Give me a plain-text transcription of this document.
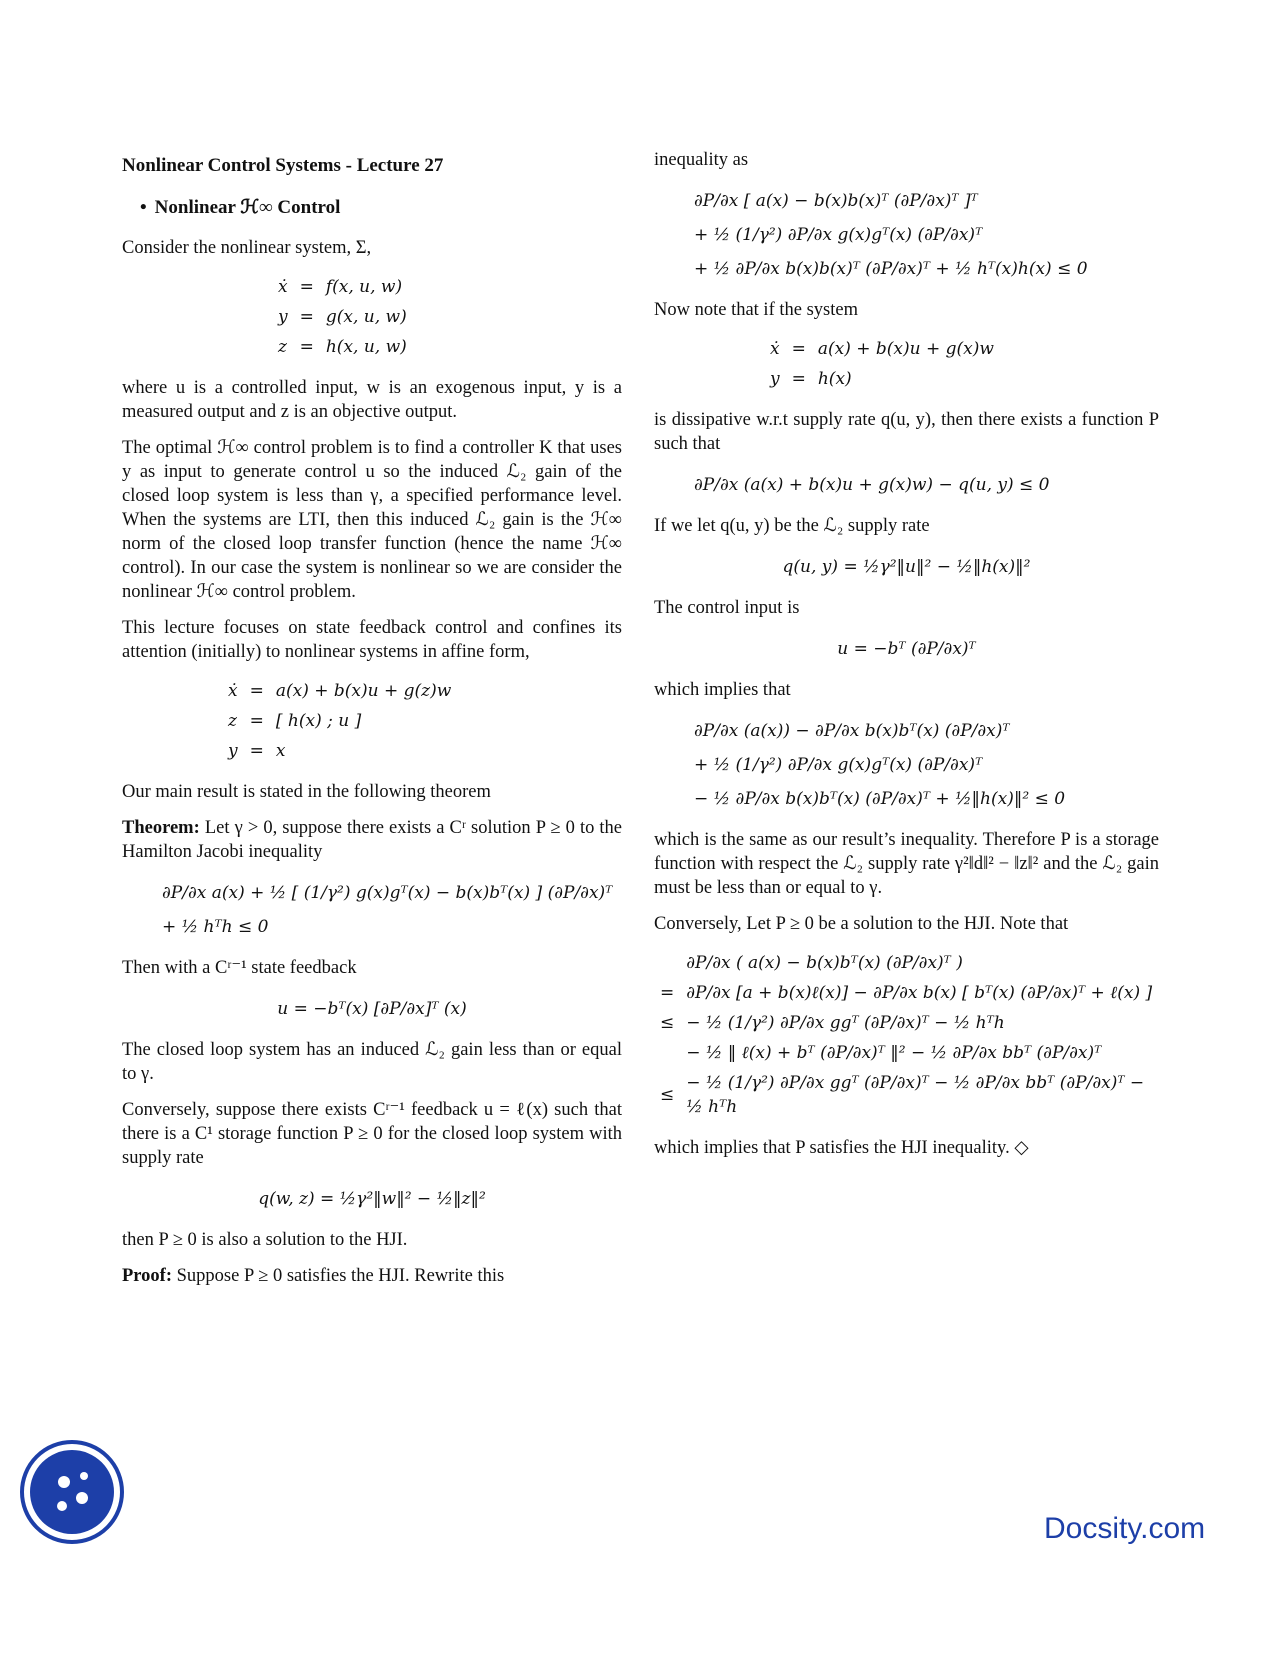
Nonlinear Control Systems - Lecture 27
• Nonlinear ℋ∞ Control

Consider the nonlinear system, Σ,

ẋ	=	f(x, u, w)
y	=	g(x, u, w)
z	=	h(x, u, w)

where u is a controlled input, w is an exogenous input, y is a measured output and z is an objective output.

The optimal ℋ∞ control problem is to find a controller K that uses y as input to generate control u so the induced ℒ₂ gain of the closed loop system is less than γ, a specified performance level. When the systems are LTI, then this induced ℒ₂ gain is the ℋ∞ norm of the closed loop transfer function (hence the name ℋ∞ control). In our case the system is nonlinear so we are consider the nonlinear ℋ∞ control problem.

This lecture focuses on state feedback control and confines its attention (initially) to nonlinear systems in affine form,

ẋ	=	a(x) + b(x)u + g(z)w
z	=	[ h(x) ; u ]
y	=	x

Our main result is stated in the following theorem

Theorem: Let γ > 0, suppose there exists a Cʳ solution P ≥ 0 to the Hamilton Jacobi inequality

∂P/∂x a(x) + ½ [ (1/γ²) g(x)gᵀ(x) − b(x)bᵀ(x) ] (∂P/∂x)ᵀ
+ ½ hᵀh ≤ 0

Then with a Cʳ⁻¹ state feedback

u = −bᵀ(x) [∂P/∂x]ᵀ (x)

The closed loop system has an induced ℒ₂ gain less than or equal to γ.

Conversely, suppose there exists Cʳ⁻¹ feedback u = ℓ(x) such that there is a C¹ storage function P ≥ 0 for the closed loop system with supply rate

q(w, z) = ½γ²‖w‖² − ½‖z‖²

then P ≥ 0 is also a solution to the HJI.

Proof: Suppose P ≥ 0 satisfies the HJI. Rewrite this

inequality as

∂P/∂x [ a(x) − b(x)b(x)ᵀ (∂P/∂x)ᵀ ]ᵀ
+ ½ (1/γ²) ∂P/∂x g(x)gᵀ(x) (∂P/∂x)ᵀ
+ ½ ∂P/∂x b(x)b(x)ᵀ (∂P/∂x)ᵀ + ½ hᵀ(x)h(x) ≤ 0

Now note that if the system

ẋ	=	a(x) + b(x)u + g(x)w
y	=	h(x)

is dissipative w.r.t supply rate q(u, y), then there exists a function P such that

∂P/∂x (a(x) + b(x)u + g(x)w) − q(u, y) ≤ 0

If we let q(u, y) be the ℒ₂ supply rate

q(u, y) = ½γ²‖u‖² − ½‖h(x)‖²

The control input is

u = −bᵀ (∂P/∂x)ᵀ

which implies that

∂P/∂x (a(x)) − ∂P/∂x b(x)bᵀ(x) (∂P/∂x)ᵀ
+ ½ (1/γ²) ∂P/∂x g(x)gᵀ(x) (∂P/∂x)ᵀ
− ½ ∂P/∂x b(x)bᵀ(x) (∂P/∂x)ᵀ + ½‖h(x)‖² ≤ 0

which is the same as our result’s inequality. Therefore P is a storage function with respect the ℒ₂ supply rate γ²‖d‖² − ‖z‖² and the ℒ₂ gain must be less than or equal to γ.

Conversely, Let P ≥ 0 be a solution to the HJI. Note that

	∂P/∂x ( a(x) − b(x)bᵀ(x) (∂P/∂x)ᵀ )
=	∂P/∂x [a + b(x)ℓ(x)] − ∂P/∂x b(x) [ bᵀ(x) (∂P/∂x)ᵀ + ℓ(x) ]
≤	− ½ (1/γ²) ∂P/∂x ggᵀ (∂P/∂x)ᵀ − ½ hᵀh
	− ½ ‖ ℓ(x) + bᵀ (∂P/∂x)ᵀ ‖² − ½ ∂P/∂x bbᵀ (∂P/∂x)ᵀ
≤	− ½ (1/γ²) ∂P/∂x ggᵀ (∂P/∂x)ᵀ − ½ ∂P/∂x bbᵀ (∂P/∂x)ᵀ − ½ hᵀh

which implies that P satisfies the HJI inequality. ◇

Docsity.com
